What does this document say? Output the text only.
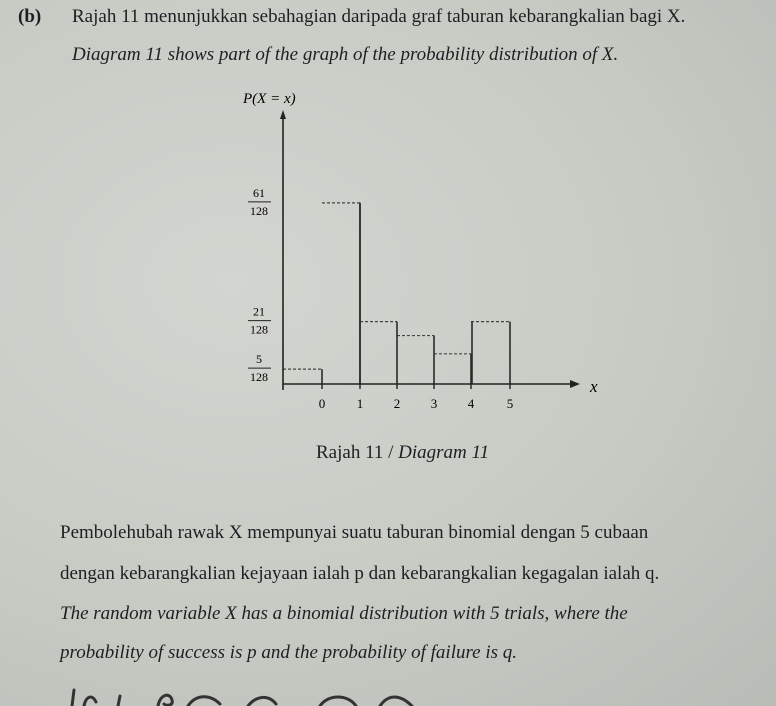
(b) Rajah 11 menunjukkan sebahagian daripada graf taburan kebarangkalian bagi X.
Diagram 11 shows part of the graph of the probability distribution of X.
x
P(X = x)
0 1 2 3 4	5
61
128
21
128
5
128
Rajah 11 / Diagram 11
Pembolehubah rawak X mempunyai suatu taburan binomial dengan 5 cubaan
dengan kebarangkalian kejayaan ialah p dan kebarangkalian kegagalan ialah q.
The random variable X has a binomial distribution with 5 trials, where the
probability of success is p and the probability of failure is q.
